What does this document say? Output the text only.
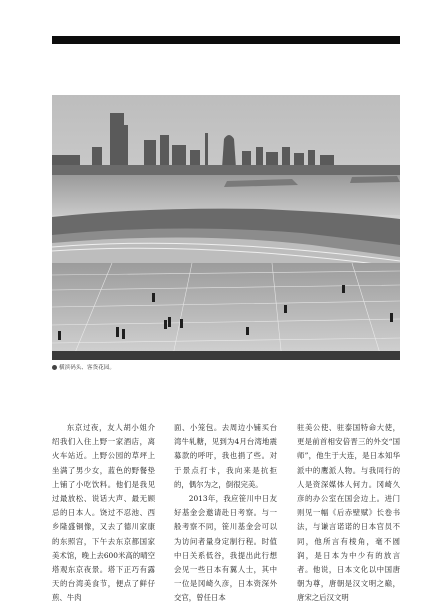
横滨码头、客货花园。

东京过夜，友人胡小姐介绍我们入住上野一家酒店，离火车站近。上野公园的草坪上坐满了男少女，蓝色的野餐垫上铺了小吃饮料。他们是我见过最放松、说话大声、最无顾忌的日本人。饶过不忍池、西乡隆盛铜像，又去了德川家康的东照宫，下午去东京都国家美术馆，晚上去600米高的晴空塔观东京夜景。塔下正巧有露天的台湾美食节，便点了鲜仔煎、牛肉

面、小笼包。去周边小铺买台湾牛轧糖，见到为4月台湾地震募款的呼吁，我也捐了些。对于景点打卡，我向来是抗拒的，偶尔为之，倒很完美。

2013年，我应笹川中日友好基金会邀请赴日考察。与一般考察不同，笹川基金会可以为访问者量身定制行程。时值中日关系低谷，我提出此行想会见一些日本有翼人士，其中一位是冈崎久彦，日本资深外交官，曾任日本

驻美公使、驻泰国特命大使，更是前首相安倍晋三的外交“国师”，他生于大连，是日本知华派中的鹰派人物。与我同行的人是资深媒体人何力。冈崎久彦的办公室在国会边上。进门则见一幅《后赤壁赋》长卷书法，与谦言诺诺的日本官员不同，他所言有棱角，毫不圆润，是日本为中少有的放言者。他说，日本文化以中国唐朝为尊，唐朝是汉文明之巅，唐宋之后汉文明
